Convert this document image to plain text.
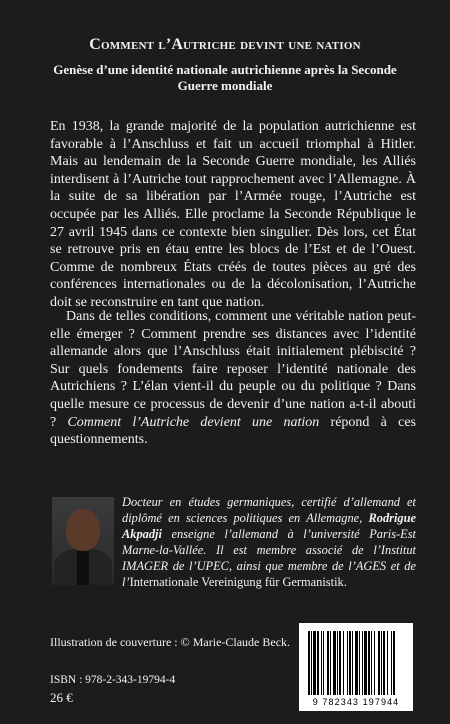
Comment l’Autriche devint une nation
Genèse d’une identité nationale autrichienne après la Seconde Guerre mondiale
En 1938, la grande majorité de la population autrichienne est favorable à l’Anschluss et fait un accueil triomphal à Hitler. Mais au lendemain de la Seconde Guerre mondiale, les Alliés interdisent à l’Autriche tout rapprochement avec l’Allemagne. À la suite de sa libération par l’Armée rouge, l’Autriche est occupée par les Alliés. Elle proclame la Seconde République le 27 avril 1945 dans ce contexte bien singulier. Dès lors, cet État se retrouve pris en étau entre les blocs de l’Est et de l’Ouest. Comme de nombreux États créés de toutes pièces au gré des conférences internationales ou de la décolonisation, l’Autriche doit se reconstruire en tant que nation.
Dans de telles conditions, comment une véritable nation peut-elle émerger ? Comment prendre ses distances avec l’identité allemande alors que l’Anschluss était initialement plébiscité ? Sur quels fondements faire reposer l’identité nationale des Autrichiens ? L’élan vient-il du peuple ou du politique ? Dans quelle mesure ce processus de devenir d’une nation a-t-il abouti ? Comment l’Autriche devient une nation répond à ces questionnements.
Docteur en études germaniques, certifié d’allemand et diplômé en sciences politiques en Allemagne, Rodrigue Akpadji enseigne l’allemand à l’université Paris-Est Marne-la-Vallée. Il est membre associé de l’Institut IMAGER de l’UPEC, ainsi que membre de l’AGES et de l’Internationale Vereinigung für Germanistik.
Illustration de couverture : © Marie-Claude Beck.
ISBN : 978-2-343-19794-4
26 €	9 782343 197944
